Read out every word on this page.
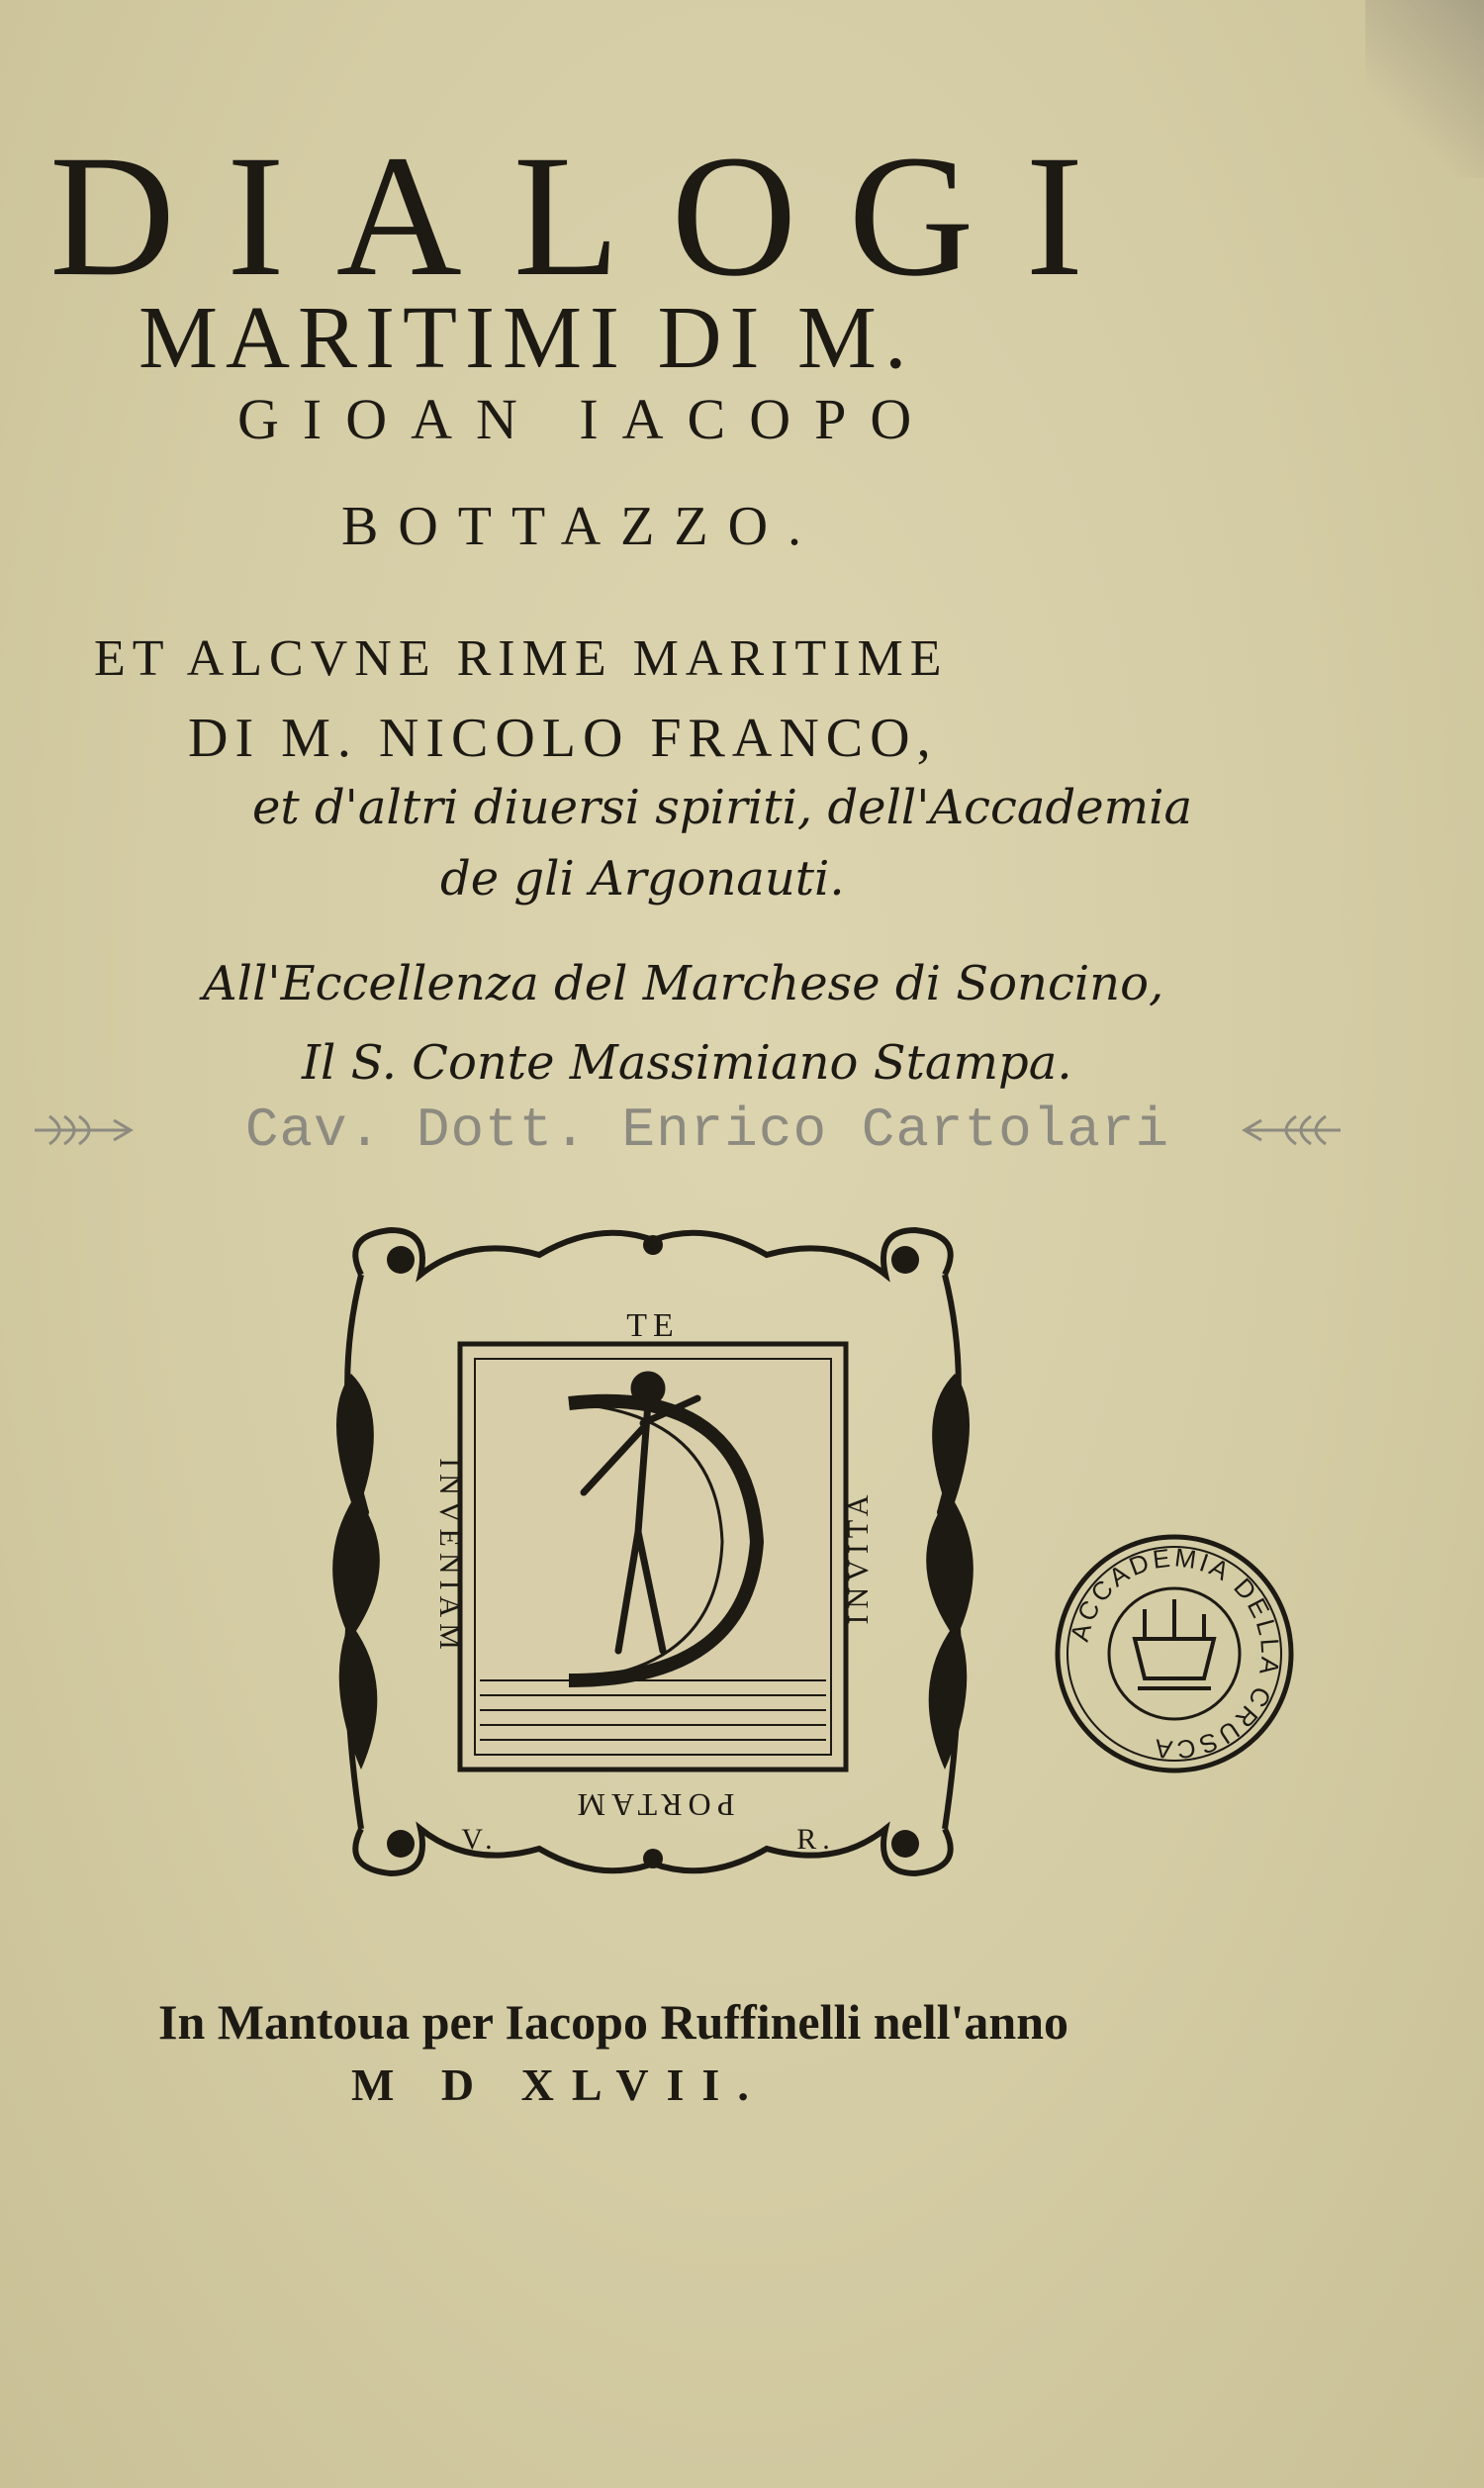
DIALOGI
MARITIMI DI M.
GIOAN IACOPO
BOTTAZZO.
ET ALCVNE RIME MARITIME
DI M. NICOLO FRANCO,
et d'altri diuersi spiriti, dell'Accademia
de gli Argonauti.
All'Eccellenza del Marchese di Soncino,
Il S. Conte Massimiano Stampa.
Cav. Dott. Enrico Cartolari
TE
INVENIAM	INVITA
PORTAM
V.	R.
ACCADEMIA DELLA CRUSCA
In Mantoua per Iacopo Ruffinelli nell'anno
M D XLVII.
